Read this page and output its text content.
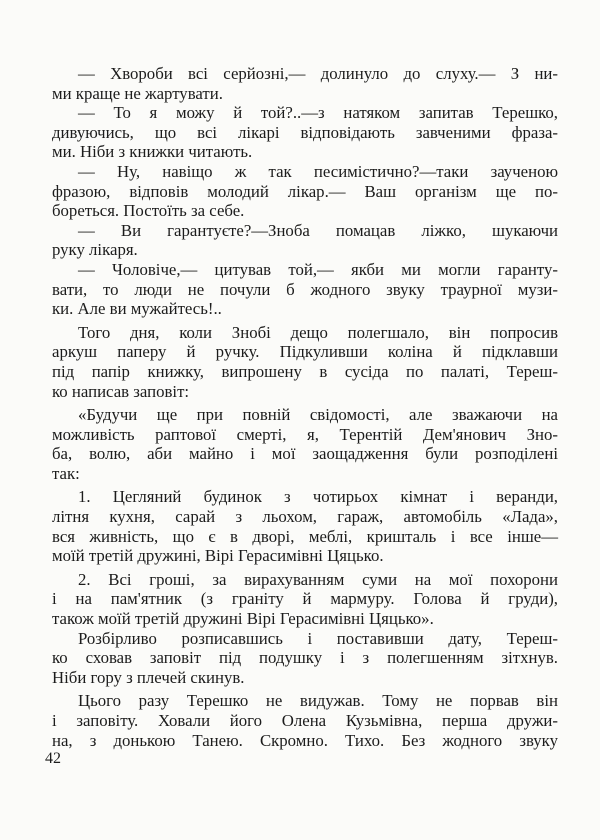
— Хвороби всі серйозні,— долинуло до слуху.— З ни-
ми краще не жартувати.
— То я можу й той?..—з натяком запитав Терешко,
дивуючись, що всі лікарі відповідають завченими фраза-
ми. Ніби з книжки читають.
— Ну, навіщо ж так песимістично?—таки заученою
фразою, відповів молодий лікар.— Ваш організм ще по-
бореться. Постоїть за себе.
— Ви гарантуєте?—Зноба помацав ліжко, шукаючи
руку лікаря.
— Чоловіче,— цитував той,— якби ми могли гаранту-
вати, то люди не почули б жодного звуку траурної музи-
ки. Але ви мужайтесь!..
Того дня, коли Знобі дещо полегшало, він попросив
аркуш паперу й ручку. Підкуливши коліна й підклавши
під папір книжку, випрошену в сусіда по палаті, Тереш-
ко написав заповіт:
«Будучи ще при повній свідомості, але зважаючи на
можливість раптової смерті, я, Терентій Дем'янович Зно-
ба, волю, аби майно і мої заощадження були розподілені
так:
1. Цегляний будинок з чотирьох кімнат і веранди,
літня кухня, сарай з льохом, гараж, автомобіль «Лада»,
вся живність, що є в дворі, меблі, кришталь і все інше—
моїй третій дружині, Вірі Герасимівні Цяцько.
2. Всі гроші, за вирахуванням суми на мої похорони
і на пам'ятник (з граніту й мармуру. Голова й груди),
також моїй третій дружині Вірі Герасимівні Цяцько».
Розбірливо розписавшись і поставивши дату, Тереш-
ко сховав заповіт під подушку і з полегшенням зітхнув.
Ніби гору з плечей скинув.
Цього разу Терешко не видужав. Тому не порвав він
і заповіту. Ховали його Олена Кузьмівна, перша дружи-
на, з донькою Танею. Скромно. Тихо. Без жодного звуку
42
